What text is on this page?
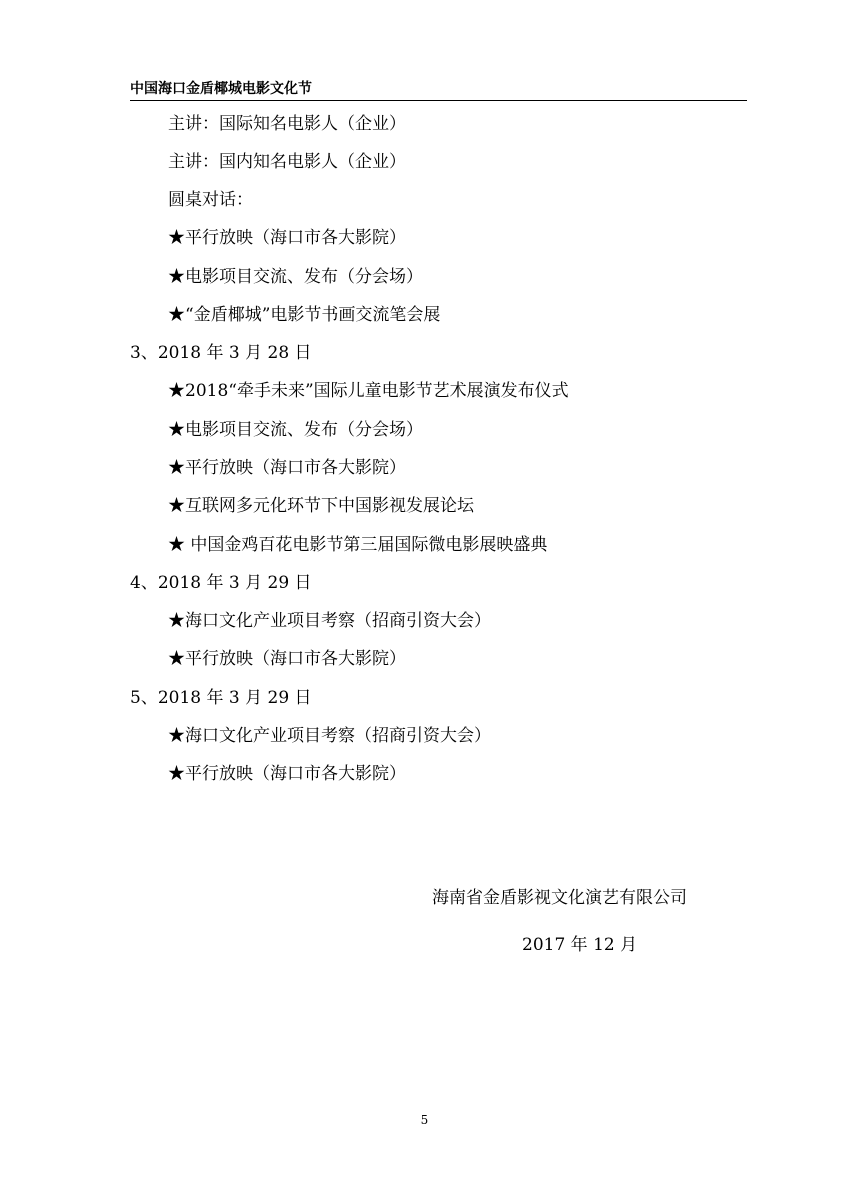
中国海口金盾椰城电影文化节
主讲：国际知名电影人（企业）
主讲：国内知名电影人（企业）
圆桌对话：
★平行放映（海口市各大影院）
★电影项目交流、发布（分会场）
★“金盾椰城”电影节书画交流笔会展
3、2018 年 3 月 28 日
★2018“牵手未来”国际儿童电影节艺术展演发布仪式
★电影项目交流、发布（分会场）
★平行放映（海口市各大影院）
★互联网多元化环节下中国影视发展论坛
★ 中国金鸡百花电影节第三届国际微电影展映盛典
4、2018 年 3 月 29 日
★海口文化产业项目考察（招商引资大会）
★平行放映（海口市各大影院）
5、2018 年 3 月 29 日
★海口文化产业项目考察（招商引资大会）
★平行放映（海口市各大影院）
海南省金盾影视文化演艺有限公司
2017 年 12 月
5
